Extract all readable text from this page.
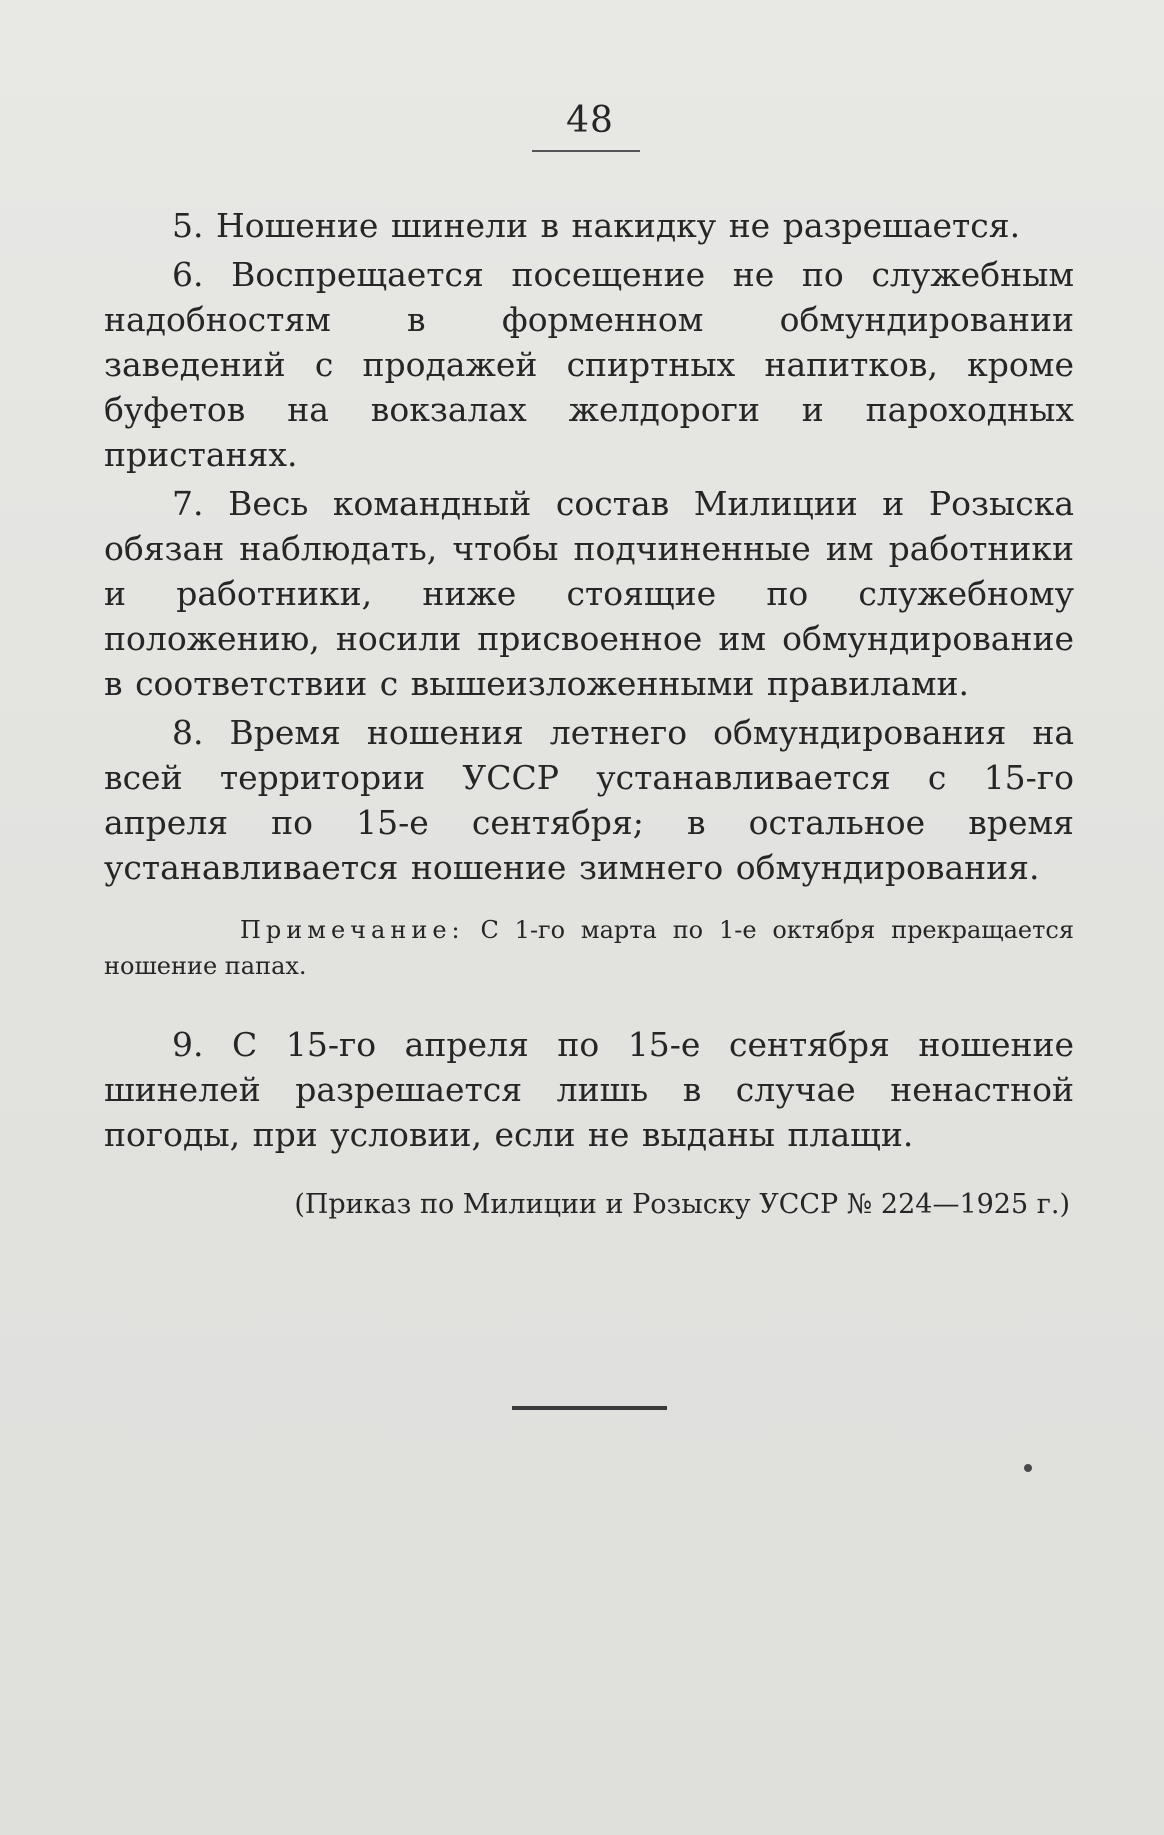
48

5. Ношение шинели в накидку не разрешается.

6. Воспрещается посещение не по служебным надобностям в форменном обмундировании заведений с продажей спиртных напитков, кроме буфетов на вокзалах желдороги и пароходных пристанях.

7. Весь командный состав Милиции и Розыска обязан наблюдать, чтобы подчиненные им работники и работники, ниже стоящие по служебному положению, носили присвоенное им обмундирование в соответствии с вышеизложенными правилами.

8. Время ношения летнего обмундирования на всей территории УССР устанавливается с 15-го апреля по 15-е сентября; в остальное время устанавливается ношение зимнего обмундирования.

Примечание: С 1-го марта по 1-е октября прекращается ношение папах.

9. С 15-го апреля по 15-е сентября ношение шинелей разрешается лишь в случае ненастной погоды, при условии, если не выданы плащи.

(Приказ по Милиции и Розыску УССР № 224—1925 г.)
